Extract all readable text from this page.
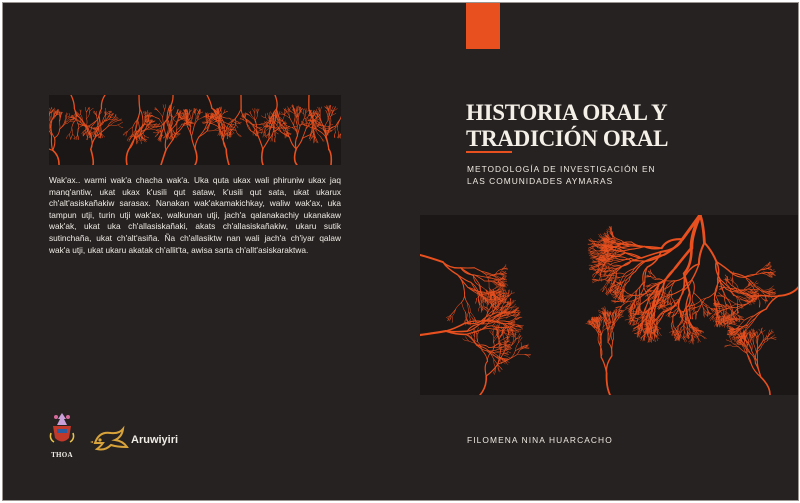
Wak'ax.. warmi wak'a chacha wak'a. Uka quta ukax wali phiruniw ukax jaq manq'antiw, ukat ukax k'usili qut sataw, k'usili qut sata, ukat ukarux ch'alt'asiskañakiw sarasax. Nanakan wak'akamakichkay, waliw wak'ax, uka tampun utji, turin utji wak'ax, walkunan utji, jach'a qalanakachiy ukanakaw wak'ak, ukat uka ch'allasiskañaki, akats ch'allasiskañakiw, ukaru sutik sutinchaña, ukat ch'alt'asiña. Ña ch'allasiktw nan wali jach'a ch'iyar qalaw wak'a utji, ukat ukaru akatak ch'allit'ta, awisa sarta ch'allt'asiskaraktwa.

HISTORIA ORAL Y
TRADICIÓN ORAL
METODOLOGÍA DE INVESTIGACIÓN EN
LAS COMUNIDADES AYMARAS

FILOMENA NINA HUARCACHO

THOA
Aruwiyiri
